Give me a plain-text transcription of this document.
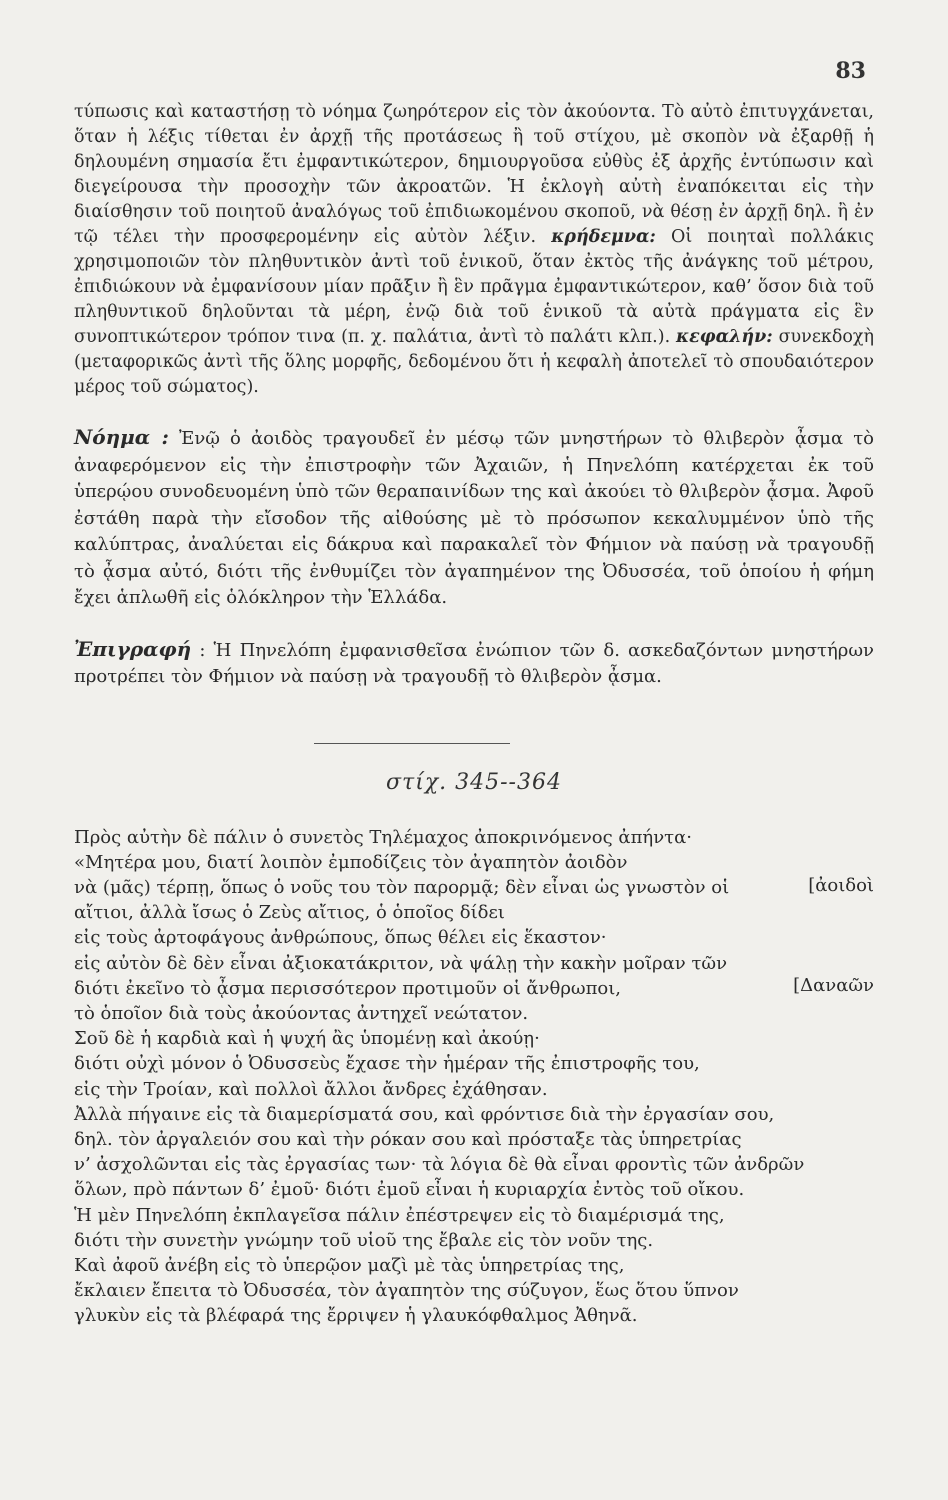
83

τύπωσις καὶ καταστήσῃ τὸ νόημα ζωηρότερον εἰς τὸν ἀκούοντα. Τὸ αὐτὸ ἐπιτυγχάνεται, ὅταν ἡ λέξις τίθεται ἐν ἀρχῇ τῆς προτάσεως ἢ τοῦ στίχου, μὲ σκοπὸν νὰ ἐξαρθῇ ἡ δηλουμένη σημασία ἔτι ἐμφαντικώτερον, δημιουργοῦσα εὐθὺς ἐξ ἀρχῆς ἐντύπωσιν καὶ διεγείρουσα τὴν προσοχὴν τῶν ἀκροατῶν. Ἡ ἐκλογὴ αὐτὴ ἐναπόκειται εἰς τὴν διαίσθησιν τοῦ ποιητοῦ ἀναλόγως τοῦ ἐπιδιωκομένου σκοποῦ, νὰ θέσῃ ἐν ἀρχῇ δηλ. ἢ ἐν τῷ τέλει τὴν προσφερομένην εἰς αὐτὸν λέξιν. κρήδεμνα: Οἱ ποιηταὶ πολλάκις χρησιμοποιῶν τὸν πληθυντικὸν ἀντὶ τοῦ ἑνικοῦ, ὅταν ἐκτὸς τῆς ἀνάγκης τοῦ μέτρου, ἐπιδιώκουν νὰ ἐμφανίσουν μίαν πρᾶξιν ἢ ἓν πρᾶγμα ἐμφαντικώτερον, καθ’ ὅσον διὰ τοῦ πληθυντικοῦ δηλοῦνται τὰ μέρη, ἐνῷ διὰ τοῦ ἑνικοῦ τὰ αὐτὰ πράγματα εἰς ἓν συνοπτικώτερον τρόπον τινα (π. χ. παλάτια, ἀντὶ τὸ παλάτι κλπ.). κεφαλήν: συνεκδοχὴ (μεταφορικῶς ἀντὶ τῆς ὅλης μορφῆς, δεδομένου ὅτι ἡ κεφαλὴ ἀποτελεῖ τὸ σπουδαιότερον μέρος τοῦ σώματος).

Νόημα : Ἐνῷ ὁ ἀοιδὸς τραγουδεῖ ἐν μέσῳ τῶν μνηστήρων τὸ θλιβερὸν ᾆσμα τὸ ἀναφερόμενον εἰς τὴν ἐπιστροφὴν τῶν Ἀχαιῶν, ἡ Πηνελόπη κατέρχεται ἐκ τοῦ ὑπερῴου συνοδευομένη ὑπὸ τῶν θεραπαινίδων της καὶ ἀκούει τὸ θλιβερὸν ᾆσμα. Ἀφοῦ ἐστάθη παρὰ τὴν εἴσοδον τῆς αἰθούσης μὲ τὸ πρόσωπον κεκαλυμμένον ὑπὸ τῆς καλύπτρας, ἀναλύεται εἰς δάκρυα καὶ παρακαλεῖ τὸν Φήμιον νὰ παύσῃ νὰ τραγουδῇ τὸ ᾆσμα αὐτό, διότι τῆς ἐνθυμίζει τὸν ἀγαπημένον της Ὀδυσσέα, τοῦ ὁποίου ἡ φήμη ἔχει ἁπλωθῆ εἰς ὁλόκληρον τὴν Ἑλλάδα.
Ἐπιγραφή : Ἡ Πηνελόπη ἐμφανισθεῖσα ἐνώπιον τῶν δ. ασκεδαζόντων μνηστήρων προτρέπει τὸν Φήμιον νὰ παύσῃ νὰ τραγουδῇ τὸ θλιβερὸν ᾆσμα.
στίχ. 345--364
Πρὸς αὐτὴν δὲ πάλιν ὁ συνετὸς Τηλέμαχος ἀποκρινόμενος ἀπήντα·
«Μητέρα μου, διατί λοιπὸν ἐμποδίζεις τὸν ἀγαπητὸν ἀοιδὸν
νὰ (μᾶς) τέρπῃ, ὅπως ὁ νοῦς του τὸν παρορμᾷ; δὲν εἶναι ὡς γνωστὸν οἱ
αἴτιοι, ἀλλὰ ἴσως ὁ Ζεὺς αἴτιος, ὁ ὁποῖος δίδει
εἰς τοὺς ἀρτοφάγους ἀνθρώπους, ὅπως θέλει εἰς ἕκαστον·
εἰς αὐτὸν δὲ δὲν εἶναι ἀξιοκατάκριτον, νὰ ψάλῃ τὴν κακὴν μοῖραν τῶν
διότι ἐκεῖνο τὸ ᾆσμα περισσότερον προτιμοῦν οἱ ἄνθρωποι,
τὸ ὁποῖον διὰ τοὺς ἀκούοντας ἀντηχεῖ νεώτατον.
Σοῦ δὲ ἡ καρδιὰ καὶ ἡ ψυχή ἂς ὑπομένῃ καὶ ἀκούῃ·
διότι οὐχὶ μόνον ὁ Ὀδυσσεὺς ἔχασε τὴν ἡμέραν τῆς ἐπιστροφῆς του,
εἰς τὴν Τροίαν, καὶ πολλοὶ ἄλλοι ἄνδρες ἐχάθησαν.
Ἀλλὰ πήγαινε εἰς τὰ διαμερίσματά σου, καὶ φρόντισε διὰ τὴν ἐργασίαν σου,
δηλ. τὸν ἀργαλειόν σου καὶ τὴν ρόκαν σου καὶ πρόσταξε τὰς ὑπηρετρίας
ν’ ἀσχολῶνται εἰς τὰς ἐργασίας των· τὰ λόγια δὲ θὰ εἶναι φροντὶς τῶν ἀνδρῶν
ὅλων, πρὸ πάντων δ’ ἐμοῦ· διότι ἐμοῦ εἶναι ἡ κυριαρχία ἐντὸς τοῦ οἴκου.
Ἡ μὲν Πηνελόπη ἐκπλαγεῖσα πάλιν ἐπέστρεψεν εἰς τὸ διαμέρισμά της,
διότι τὴν συνετὴν γνώμην τοῦ υἱοῦ της ἔβαλε εἰς τὸν νοῦν της.
Καὶ ἀφοῦ ἀνέβη εἰς τὸ ὑπερῷον μαζὶ μὲ τὰς ὑπηρετρίας της,
ἔκλαιεν ἔπειτα τὸ Ὀδυσσέα, τὸν ἀγαπητὸν της σύζυγον, ἕως ὅτου ὕπνον
γλυκὺν εἰς τὰ βλέφαρά της ἔρριψεν ἡ γλαυκόφθαλμος Ἀθηνᾶ.
[ἀοιδοὶ
[Δαναῶν
